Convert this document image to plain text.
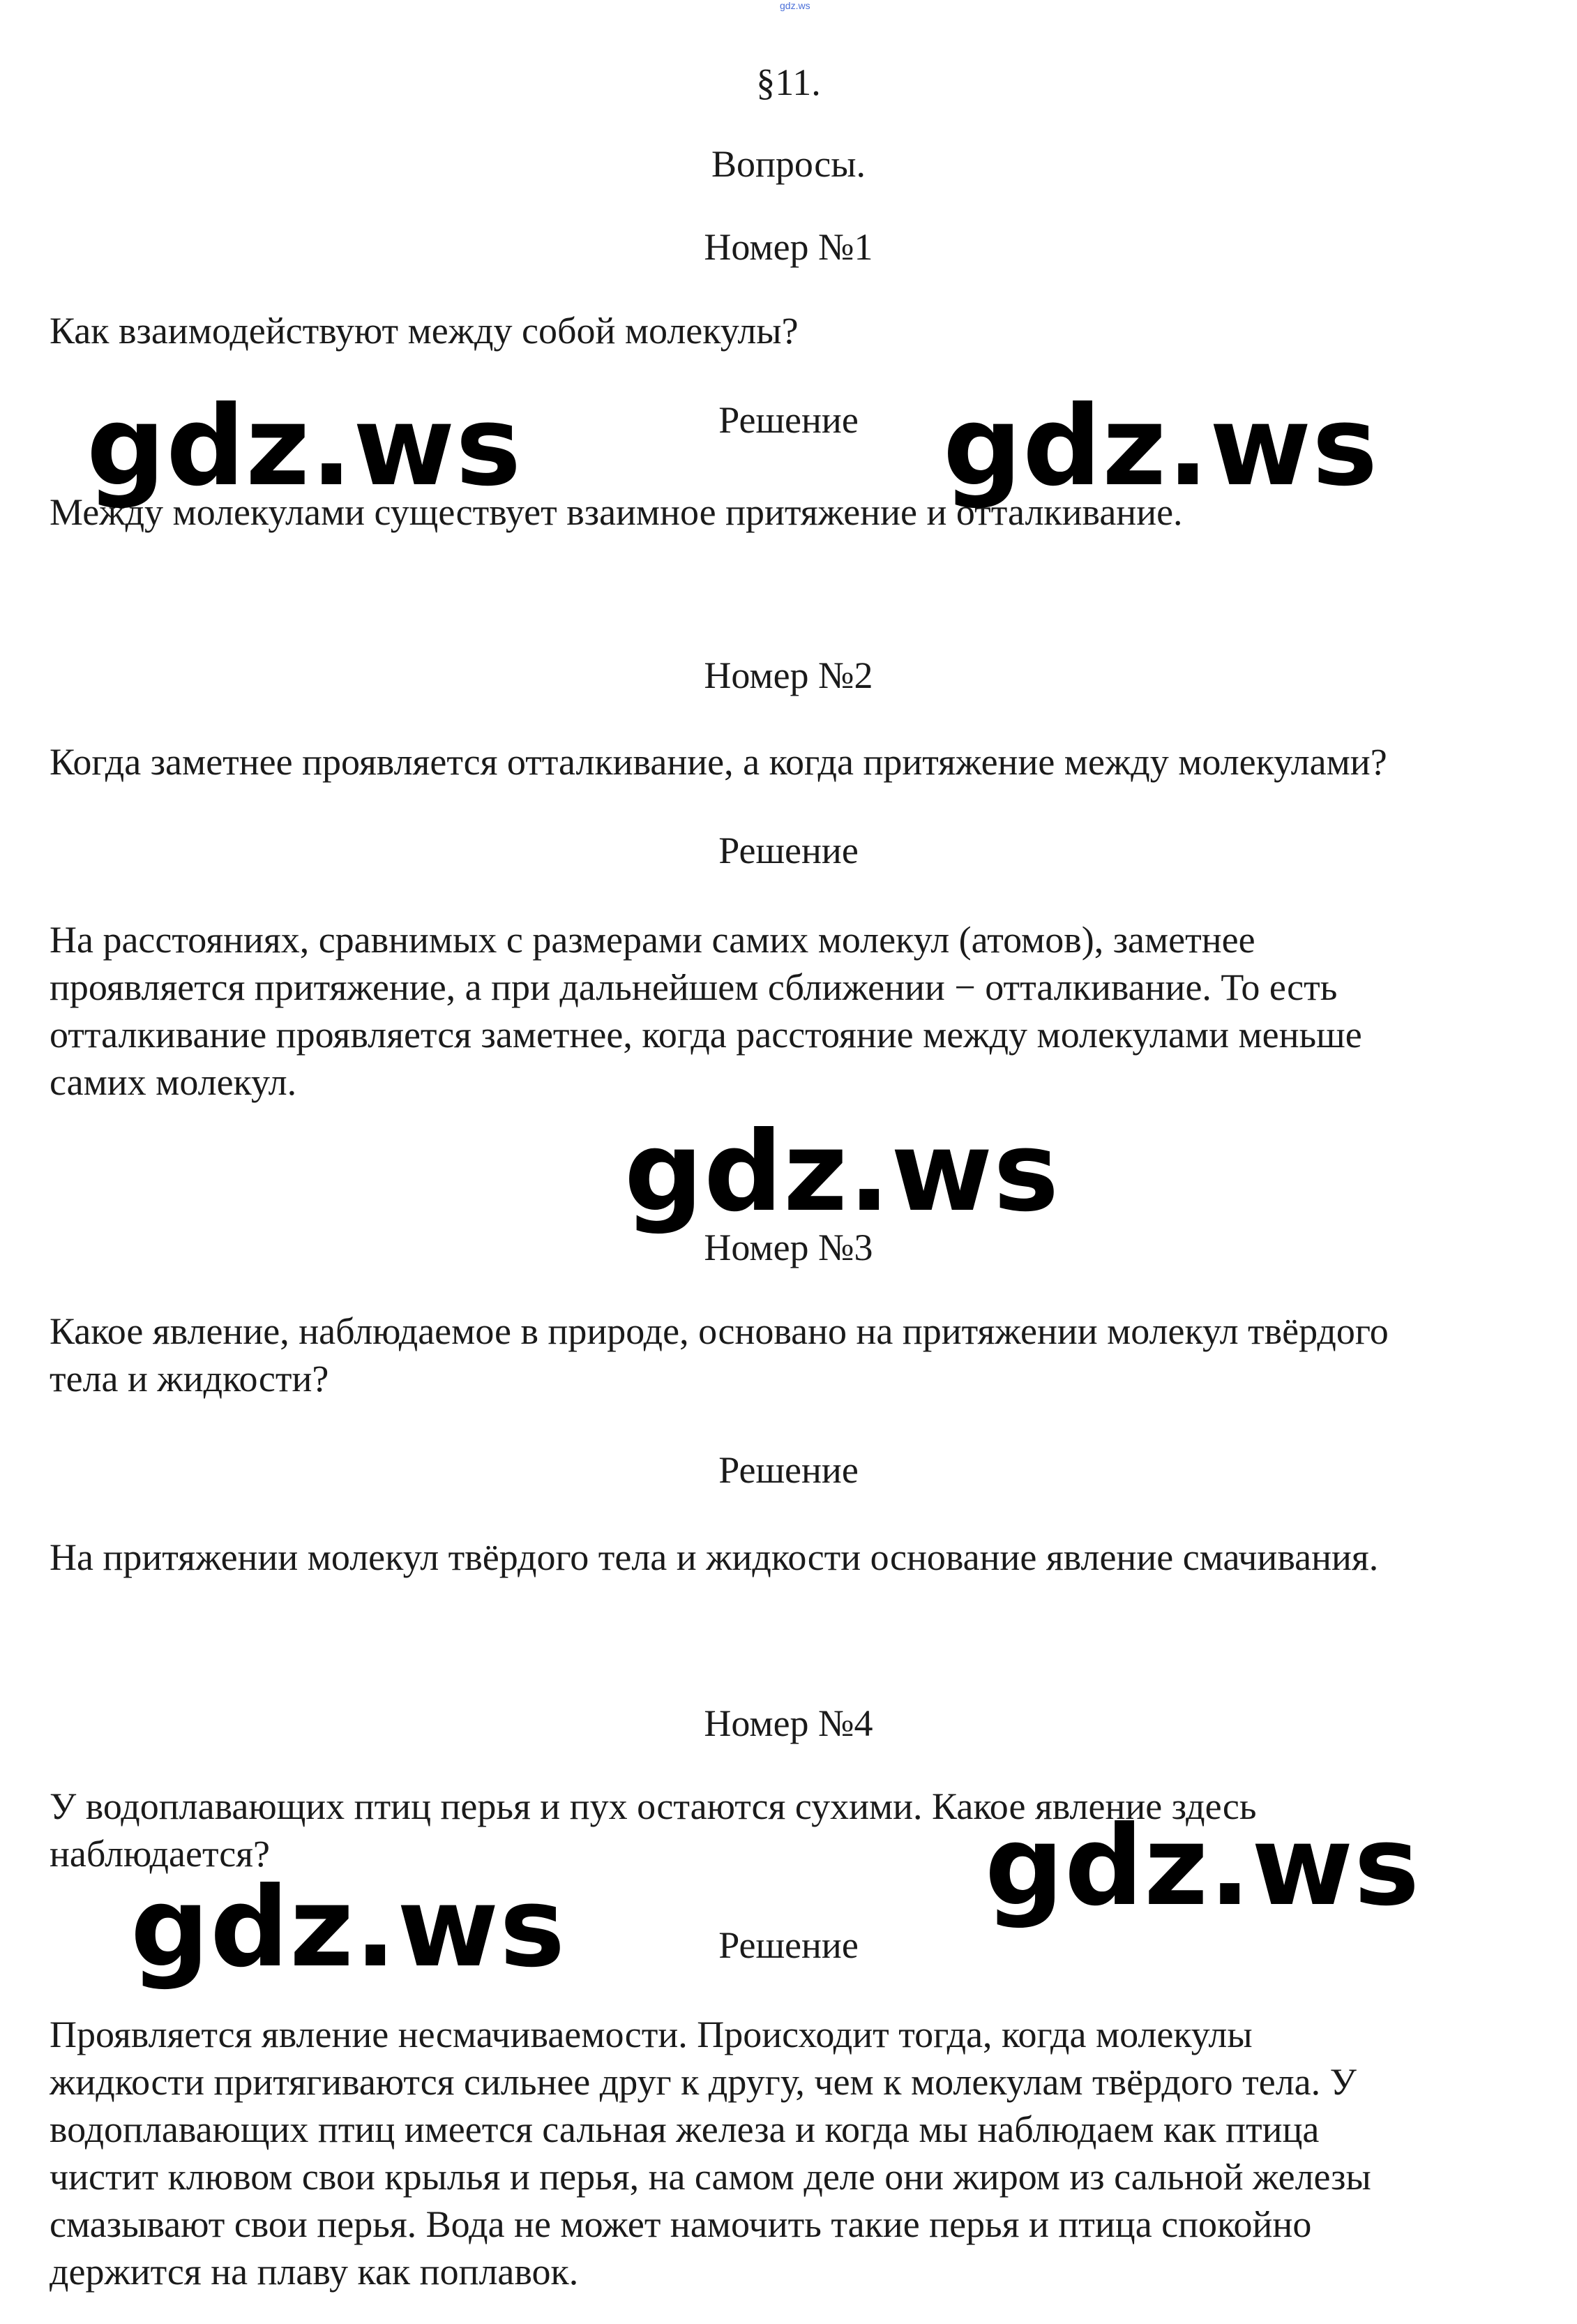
gdz.ws
§11.
Вопросы.
Номер №1
Как взаимодействуют между собой молекулы?
Решение
Между молекулами существует взаимное притяжение и отталкивание.
Номер №2
Когда заметнее проявляется отталкивание, а когда притяжение между молекулами?
Решение
На расстояниях, сравнимых с размерами самих молекул (атомов), заметнее
проявляется притяжение, а при дальнейшем сближении − отталкивание. То есть
отталкивание проявляется заметнее, когда расстояние между молекулами меньше
самих молекул.
Номер №3
Какое явление, наблюдаемое в природе, основано на притяжении молекул твёрдого
тела и жидкости?
Решение
На притяжении молекул твёрдого тела и жидкости основание явление смачивания.
Номер №4
У водоплавающих птиц перья и пух остаются сухими. Какое явление здесь
наблюдается?
Решение
Проявляется явление несмачиваемости. Происходит тогда, когда молекулы
жидкости притягиваются сильнее друг к другу, чем к молекулам твёрдого тела. У
водоплавающих птиц имеется сальная железа и когда мы наблюдаем как птица
чистит клювом свои крылья и перья, на самом деле они жиром из сальной железы
смазывают свои перья. Вода не может намочить такие перья и птица спокойно
держится на плаву как поплавок.
gdz.ws	gdz.ws
gdz.ws
gdz.ws
gdz.ws
